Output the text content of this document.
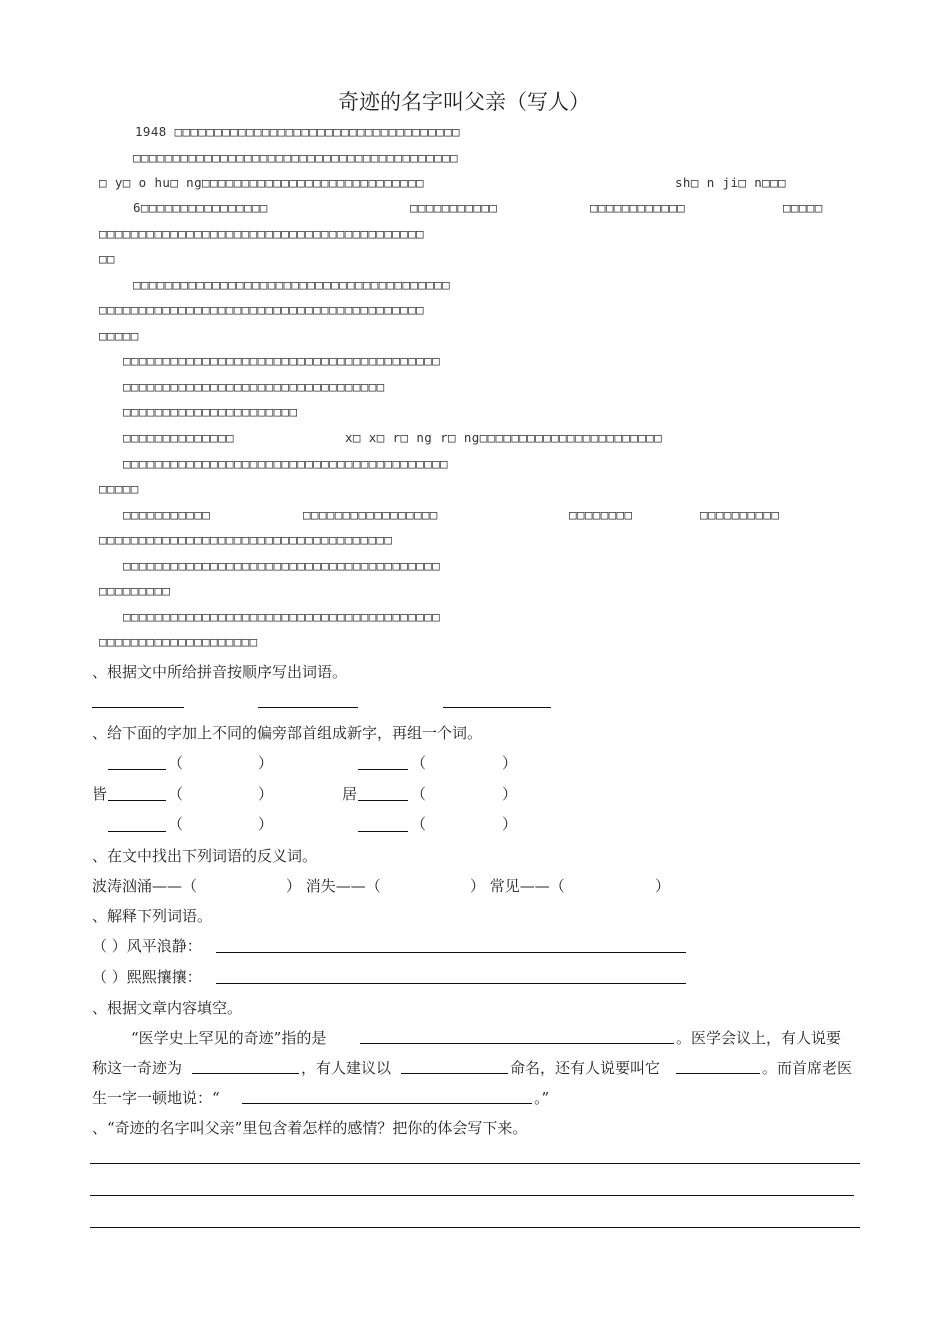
奇迹的名字叫父亲（写人）
1948 □□□□□□□□□□□□□□□□□□□□□□□□□□□□□□□□□□□□
□□□□□□□□□□□□□□□□□□□□□□□□□□□□□□□□□□□□□□□□□
□ y□ o hu□ ng□□□□□□□□□□□□□□□□□□□□□□□□□□□□	sh□ n ji□ n□□□
6□□□□□□□□□□□□□□□□	□□□□□□□□□□□	□□□□□□□□□□□□	□□□□□
□□□□□□□□□□□□□□□□□□□□□□□□□□□□□□□□□□□□□□□□□
□□
□□□□□□□□□□□□□□□□□□□□□□□□□□□□□□□□□□□□□□□□
□□□□□□□□□□□□□□□□□□□□□□□□□□□□□□□□□□□□□□□□□
□□□□□
□□□□□□□□□□□□□□□□□□□□□□□□□□□□□□□□□□□□□□□□
□□□□□□□□□□□□□□□□□□□□□□□□□□□□□□□□□
□□□□□□□□□□□□□□□□□□□□□□
□□□□□□□□□□□□□□	x□ x□ r□ ng r□ ng□□□□□□□□□□□□□□□□□□□□□□□
□□□□□□□□□□□□□□□□□□□□□□□□□□□□□□□□□□□□□□□□□
□□□□□
□□□□□□□□□□□	□□□□□□□□□□□□□□□□□	□□□□□□□□	□□□□□□□□□□
□□□□□□□□□□□□□□□□□□□□□□□□□□□□□□□□□□□□□
□□□□□□□□□□□□□□□□□□□□□□□□□□□□□□□□□□□□□□□□
□□□□□□□□□
□□□□□□□□□□□□□□□□□□□□□□□□□□□□□□□□□□□□□□□□
□□□□□□□□□□□□□□□□□□□□
、根据文中所给拼音按顺序写出词语。
、给下面的字加上不同的偏旁部首组成新字，再组一个词。
（	）	（	）
皆	（	）	居	（	）
（	）	（	）
、在文中找出下列词语的反义词。
波涛汹涌——（	） 消失——（	） 常见——（	）
、解释下列词语。
（ ）风平浪静：
（ ）熙熙攘攘：
、根据文章内容填空。
“医学史上罕见的奇迹”指的是	。医学会议上，有人说要
称这一奇迹为	，有人建议以	命名，还有人说要叫它	。而首席老医
生一字一顿地说：“	。”
、“奇迹的名字叫父亲”里包含着怎样的感情？把你的体会写下来。
